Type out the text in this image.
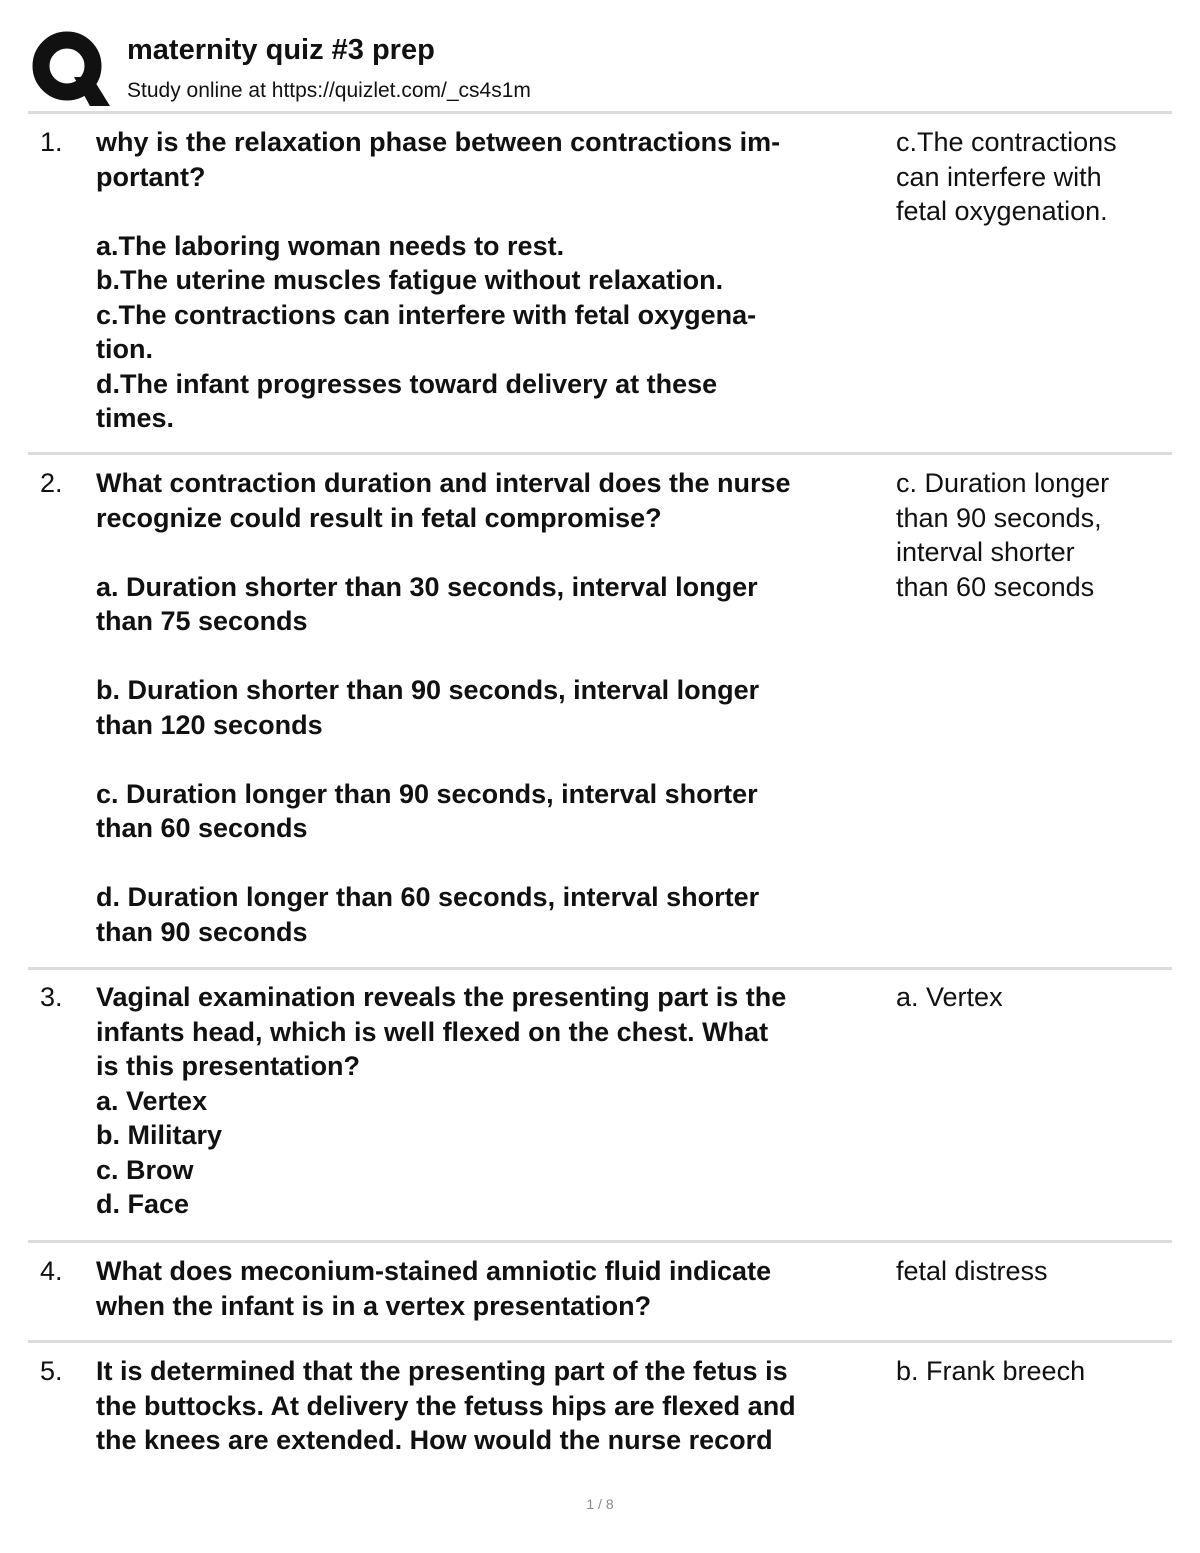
maternity quiz #3 prep
Study online at https://quizlet.com/_cs4s1m
1. why is the relaxation phase between contractions im-
portant?
a.The laboring woman needs to rest.
b.The uterine muscles fatigue without relaxation.
c.The contractions can interfere with fetal oxygena-
tion.
d.The infant progresses toward delivery at these
times.
c.The contractions
can interfere with
fetal oxygenation.
2. What contraction duration and interval does the nurse
recognize could result in fetal compromise?
a. Duration shorter than 30 seconds, interval longer
than 75 seconds
b. Duration shorter than 90 seconds, interval longer
than 120 seconds
c. Duration longer than 90 seconds, interval shorter
than 60 seconds
d. Duration longer than 60 seconds, interval shorter
than 90 seconds
c. Duration longer
than 90 seconds,
interval shorter
than 60 seconds
3. Vaginal examination reveals the presenting part is the
infants head, which is well flexed on the chest. What
is this presentation?
a. Vertex
b. Military
c. Brow
d. Face
a. Vertex
4. What does meconium-stained amniotic fluid indicate
when the infant is in a vertex presentation?
fetal distress
5. It is determined that the presenting part of the fetus is
the buttocks. At delivery the fetuss hips are flexed and
the knees are extended. How would the nurse record
b. Frank breech
1 / 8
